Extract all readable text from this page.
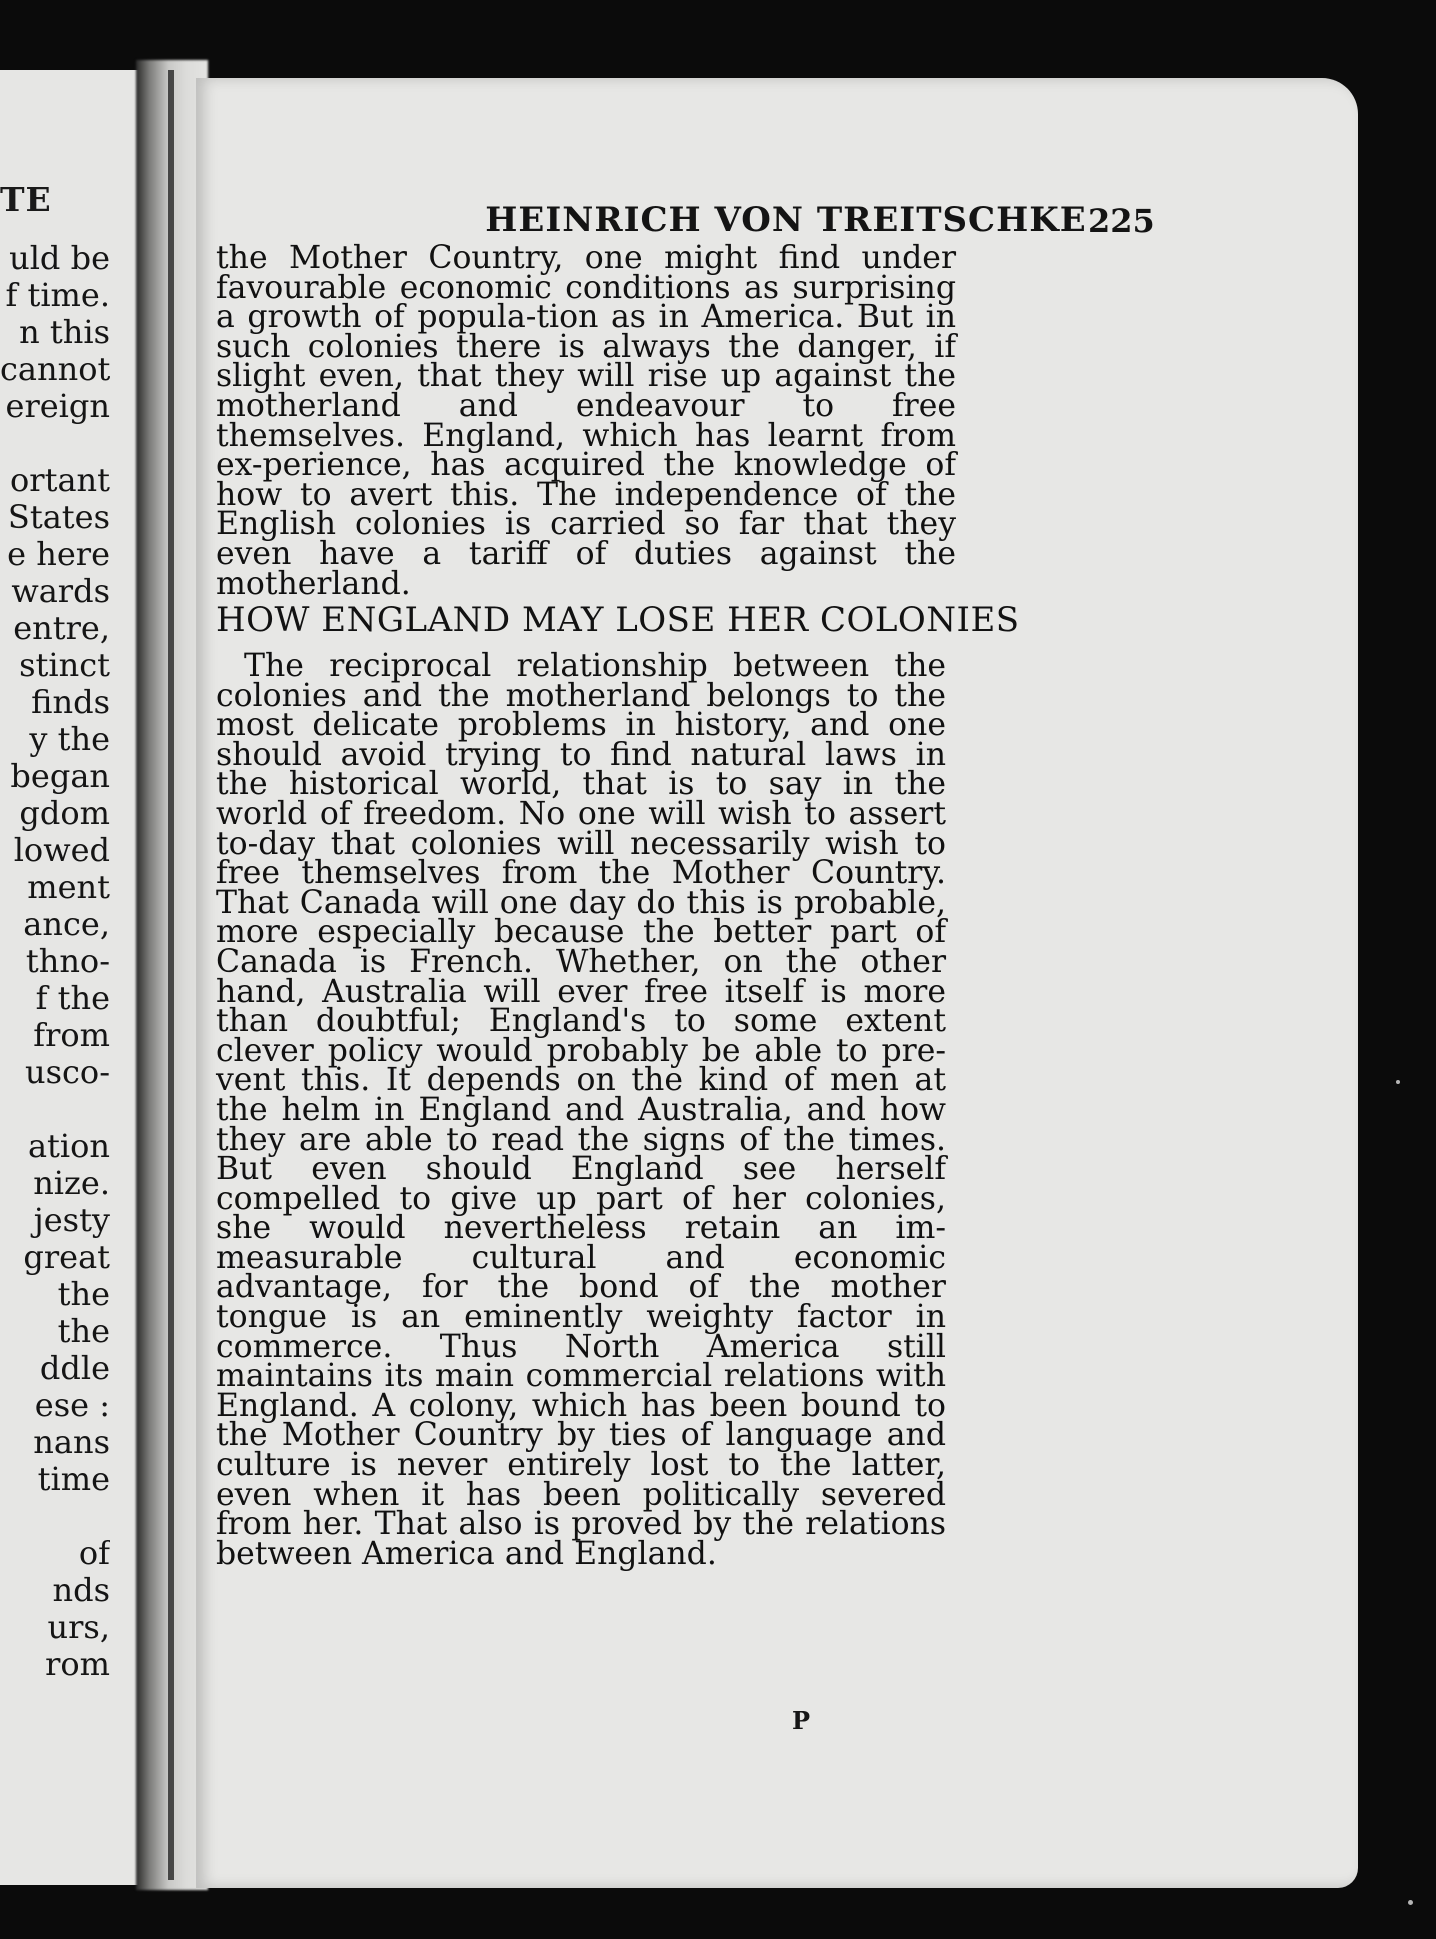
TE
uld be
f time.
n this
cannot
ereign
ortant
States
e here
wards
entre,
stinct
finds
y the
began
gdom
lowed
ment
ance,
thno-
f the
from
usco-
ation
nize.
jesty
great
the
the
ddle
ese :
nans
time
of
nds
urs,
rom
HEINRICH VON TREITSCHKE 225
the Mother Country, one might find under favourable economic conditions as surprising a growth of popula-tion as in America. But in such colonies there is always the danger, if slight even, that they will rise up against the motherland and endeavour to free themselves. England, which has learnt from ex-perience, has acquired the knowledge of how to avert this. The independence of the English colonies is carried so far that they even have a tariff of duties against the motherland.
HOW ENGLAND MAY LOSE HER COLONIES
The reciprocal relationship between the colonies and the motherland belongs to the most delicate problems in history, and one should avoid trying to find natural laws in the historical world, that is to say in the world of freedom. No one will wish to assert to-day that colonies will necessarily wish to free themselves from the Mother Country. That Canada will one day do this is probable, more especially because the better part of Canada is French. Whether, on the other hand, Australia will ever free itself is more than doubtful; England's to some extent clever policy would probably be able to pre-vent this. It depends on the kind of men at the helm in England and Australia, and how they are able to read the signs of the times. But even should England see herself compelled to give up part of her colonies, she would nevertheless retain an im-measurable cultural and economic advantage, for the bond of the mother tongue is an eminently weighty factor in commerce. Thus North America still maintains its main commercial relations with England. A colony, which has been bound to the Mother Country by ties of language and culture is never entirely lost to the latter, even when it has been politically severed from her. That also is proved by the relations between America and England.
P
